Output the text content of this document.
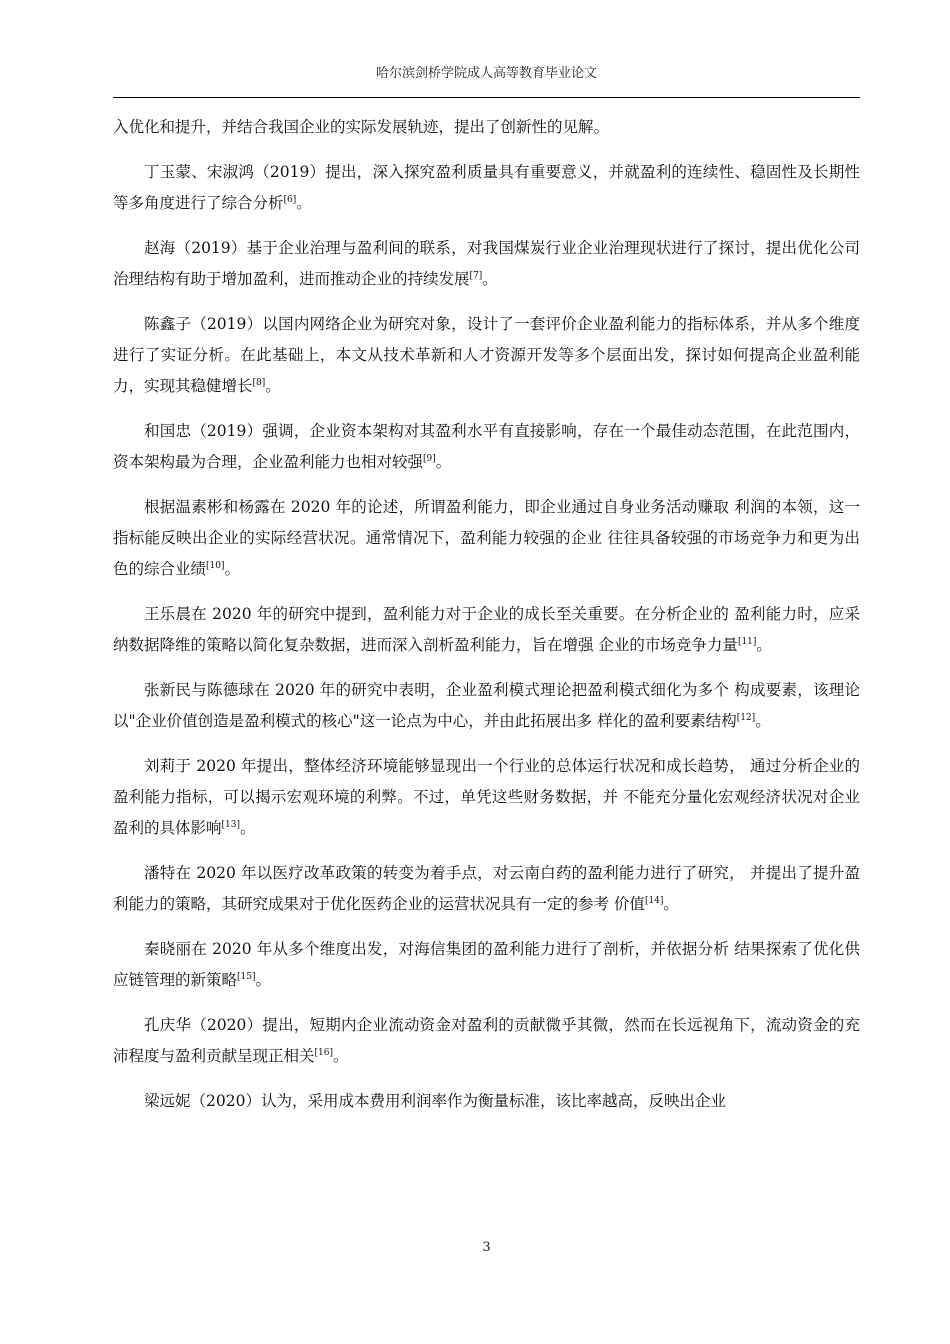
哈尔滨剑桥学院成人高等教育毕业论文

入优化和提升，并结合我国企业的实际发展轨迹，提出了创新性的见解。

丁玉蒙、宋淑鸿（2019）提出，深入探究盈利质量具有重要意义，并就盈利的连续性、稳固性及长期性等多角度进行了综合分析[6]。

赵海（2019）基于企业治理与盈利间的联系，对我国煤炭行业企业治理现状进行了探讨，提出优化公司治理结构有助于增加盈利，进而推动企业的持续发展[7]。

陈鑫子（2019）以国内网络企业为研究对象，设计了一套评价企业盈利能力的指标体系，并从多个维度进行了实证分析。在此基础上，本文从技术革新和人才资源开发等多个层面出发，探讨如何提高企业盈利能力，实现其稳健增长[8]。

和国忠（2019）强调，企业资本架构对其盈利水平有直接影响，存在一个最佳动态范围，在此范围内，资本架构最为合理，企业盈利能力也相对较强[9]。

根据温素彬和杨露在 2020 年的论述，所谓盈利能力，即企业通过自身业务活动赚取 利润的本领，这一指标能反映出企业的实际经营状况。通常情况下，盈利能力较强的企业 往往具备较强的市场竞争力和更为出色的综合业绩[10]。

王乐晨在 2020 年的研究中提到，盈利能力对于企业的成长至关重要。在分析企业的 盈利能力时，应采纳数据降维的策略以简化复杂数据，进而深入剖析盈利能力，旨在增强 企业的市场竞争力量[11]。

张新民与陈德球在 2020 年的研究中表明，企业盈利模式理论把盈利模式细化为多个 构成要素，该理论以"企业价值创造是盈利模式的核心"这一论点为中心，并由此拓展出多 样化的盈利要素结构[12]。

刘莉于 2020 年提出，整体经济环境能够显现出一个行业的总体运行状况和成长趋势， 通过分析企业的盈利能力指标，可以揭示宏观环境的利弊。不过，单凭这些财务数据，并 不能充分量化宏观经济状况对企业盈利的具体影响[13]。

潘特在 2020 年以医疗改革政策的转变为着手点，对云南白药的盈利能力进行了研究， 并提出了提升盈利能力的策略，其研究成果对于优化医药企业的运营状况具有一定的参考 价值[14]。

秦晓丽在 2020 年从多个维度出发，对海信集团的盈利能力进行了剖析，并依据分析 结果探索了优化供应链管理的新策略[15]。

孔庆华（2020）提出，短期内企业流动资金对盈利的贡献微乎其微，然而在长远视角下，流动资金的充沛程度与盈利贡献呈现正相关[16]。

梁远妮（2020）认为，采用成本费用利润率作为衡量标准，该比率越高，反映出企业

3
